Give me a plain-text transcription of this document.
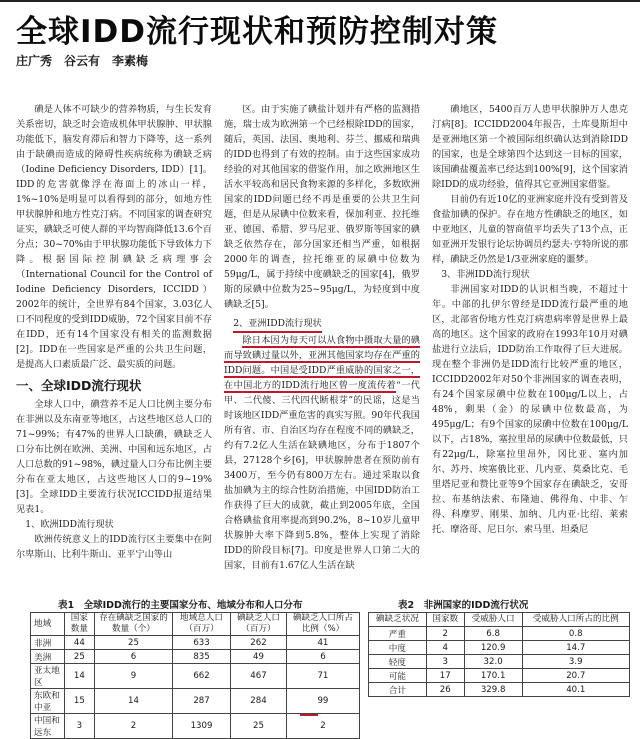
全球IDD流行现状和预防控制对策
庄广秀　谷云有　李素梅

碘是人体不可缺少的营养物质，与生长发育关系密切，缺乏时会造成机体甲状腺肿、甲状腺功能低下，脑发育滞后和智力下降等，这一系列由于缺碘而造成的障碍性疾病统称为碘缺乏病（Iodine Deficiency Disorders, IDD）[1]。IDD的危害就像浮在海面上的冰山一样，1%~10%是明显可以看得到的部分，如地方性甲状腺肿和地方性克汀病。不同国家的调查研究证实，碘缺乏可使人群的平均智商降低13.6个百分点；30~70%由于甲状腺功能低下导致体力下降。根据国际控制碘缺乏病理事会（International Council for the Control of Iodine Deficiency Disorders, ICCIDD）2002年的统计，全世界有84个国家，3.03亿人口不同程度的受到IDD威胁，72个国家目前不存在IDD，还有14个国家没有相关的监测数据[2]。IDD在一些国家是严重的公共卫生问题，是提高人口素质最广泛、最实质的问题。

一、全球IDD流行现状

全球人口中，碘营养不足人口比例主要分布在非洲以及东南亚等地区，占这些地区总人口的71~99%；有47%的世界人口缺碘，碘缺乏人口分布比例在欧洲、美洲、中国和远东地区，占人口总数的91~98%，碘过量人口分布比例主要分布在亚太地区，占这些地区人口的9~19%[3]。全球IDD主要流行状况ICCIDD报道结果见表1。

1、欧洲IDD流行现状

欧洲传统意义上的IDD流行区主要集中在阿尔卑斯山、比利牛斯山、亚平宁山等山

区。由于实施了碘盐计划并有严格的监测措施，瑞士成为欧洲第一个已经根除IDD的国家，随后，英国、法国、奥地利、芬兰、挪威和瑞典的IDD也得到了有效的控制。由于这些国家成功经验的对其他国家的借鉴作用，加之欧洲地区生活水平较高和居民食物来源的多样化，多数欧洲国家的IDD问题已经不再是重要的公共卫生问题，但是从尿碘中位数来看，保加利亚、拉托维亚、德国、希腊、罗马尼亚、俄罗斯等国家的碘缺乏依然存在，部分国家还相当严重，如根据2000年的调查，拉托维亚的尿碘中位数为59μg/L，属于持续中度碘缺乏的国家[4]，俄罗斯的尿碘中位数为25~95μg/L，为轻度到中度碘缺乏[5]。

2、亚洲IDD流行现状

除日本因为每天可以从食物中摄取大量的碘而导致碘过量以外，亚洲其他国家均存在严重的IDD问题。中国是受IDD严重威胁的国家之一，在中国北方的IDD流行地区曾一度流传着“一代甲、二代傻、三代四代断根芽”的民谣，这是当时该地区IDD严重危害的真实写照。90年代我国所有省、市、自治区均存在程度不同的碘缺乏，约有7.2亿人生活在缺碘地区，分布于1807个县，27128个乡[6]，甲状腺肿患者在预防前有3400万，至今仍有800万左右。通过采取以食盐加碘为主的综合性防治措施，中国IDD防治工作获得了巨大的成就，截止到2005年底，全国合格碘盐食用率提高到90.2%，8~10岁儿童甲状腺肿大率下降到5.8%，整体上实现了消除IDD的阶段目标[7]。印度是世界人口第二大的国家，目前有1.67亿人生活在缺

碘地区，5400百万人患甲状腺肿万人患克汀病[8]。ICCIDD2004年报告，土库曼斯坦中是亚洲地区第一个被国际组织确认达到消除IDD的国家，也是全球第四个达到这一目标的国家，该国碘盐覆盖率已经达到100%[9]，这个国家消除IDD的成功经验，值得其它亚洲国家借鉴。

目前仍有近10亿的亚洲家庭并没有受到普及食盐加碘的保护。存在地方性碘缺乏的地区，如中亚地区，儿童的智商值平均丢失了13个点，正如亚洲开发银行论坛协调员约瑟夫·亨特所说的那样，碘缺乏仍然是1/3亚洲家庭的噩梦。

3、非洲IDD流行现状

非洲国家对IDD的认识相当晚，不超过十年。中部的扎伊尔曾经是IDD流行最严重的地区，北部省份地方性克汀病患病率曾是世界上最高的地区。这个国家的政府在1993年10月对碘盐进行立法后，IDD防治工作取得了巨大进展。现在整个非洲仍是IDD流行比较严重的地区，ICCIDD2002年对50个非洲国家的调查表明，有24个国家尿碘中位数在100μg/L以上，占48%，剩果（金）的尿碘中位数最高，为495μg/L；有9个国家的尿碘中位数在100μg/L以下，占18%，塞拉里昂的尿碘中位数最低，只有22μg/L，除塞拉里昂外，冈比亚、塞内加尔、苏丹、埃塞俄比亚、几内亚、莫桑比克、毛里塔尼亚和赞比亚等9个国家存在碘缺乏，安哥拉、布基纳法索、布隆迪、佛得角、中非、乍得、科摩罗、刚果、加纳、几内亚·比绍、莱索托、摩洛哥、尼日尔、索马里、坦桑尼

表1　全球IDD流行的主要国家分布、地域分布和人口分布
地域	国家数量	存在碘缺乏国家的数量（个）	地域总人口（百万）	碘缺乏人口（百万）	碘缺乏人口所占比例（%）
非洲	44	25	633	262	41
美洲	25	6	835	49	6
亚太地区	14	9	662	467	71
东欧和中亚	15	14	287	284	99
中国和远东	3	2	1309	25	2
表2　非洲国家的IDD流行状况
碘缺乏状况	国家数	受威胁人口	受威胁人口所占的比例
严重	2	6.8	0.8
中度	4	120.9	14.7
轻度	3	32.0	3.9
可能	17	170.1	20.7
合计	26	329.8	40.1
